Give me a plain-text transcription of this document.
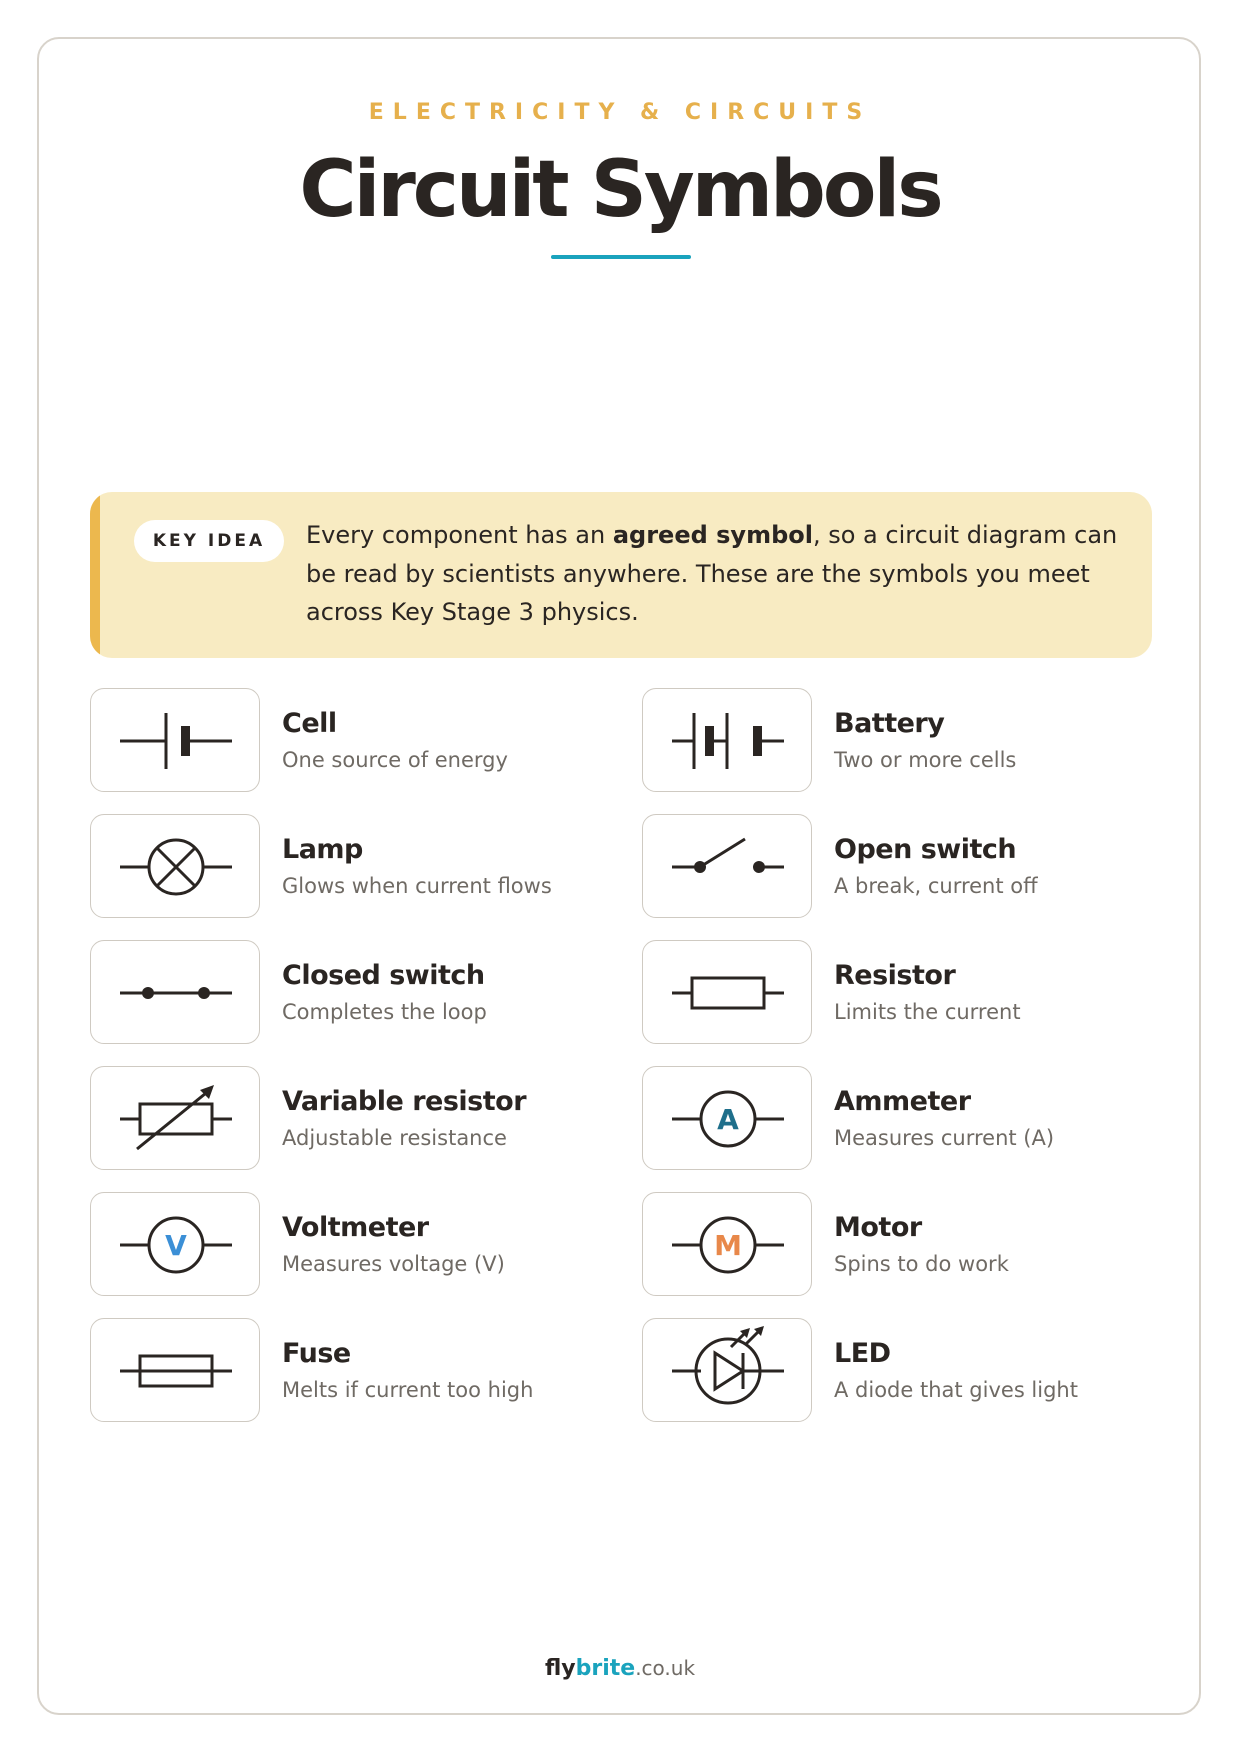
ELECTRICITY & CIRCUITS
Circuit Symbols
KEY IDEA	Every component has an agreed symbol, so a circuit diagram can be read by scientists anywhere. These are the symbols you meet across Key Stage 3 physics.
Cell
One source of energy
Battery
Two or more cells
Lamp
Glows when current flows
Open switch
A break, current off
Closed switch
Completes the loop
Resistor
Limits the current
Variable resistor
Adjustable resistance
A
Ammeter
Measures current (A)
V
Voltmeter
Measures voltage (V)
M
Motor
Spins to do work
Fuse
Melts if current too high
LED
A diode that gives light
flybrite.co.uk
